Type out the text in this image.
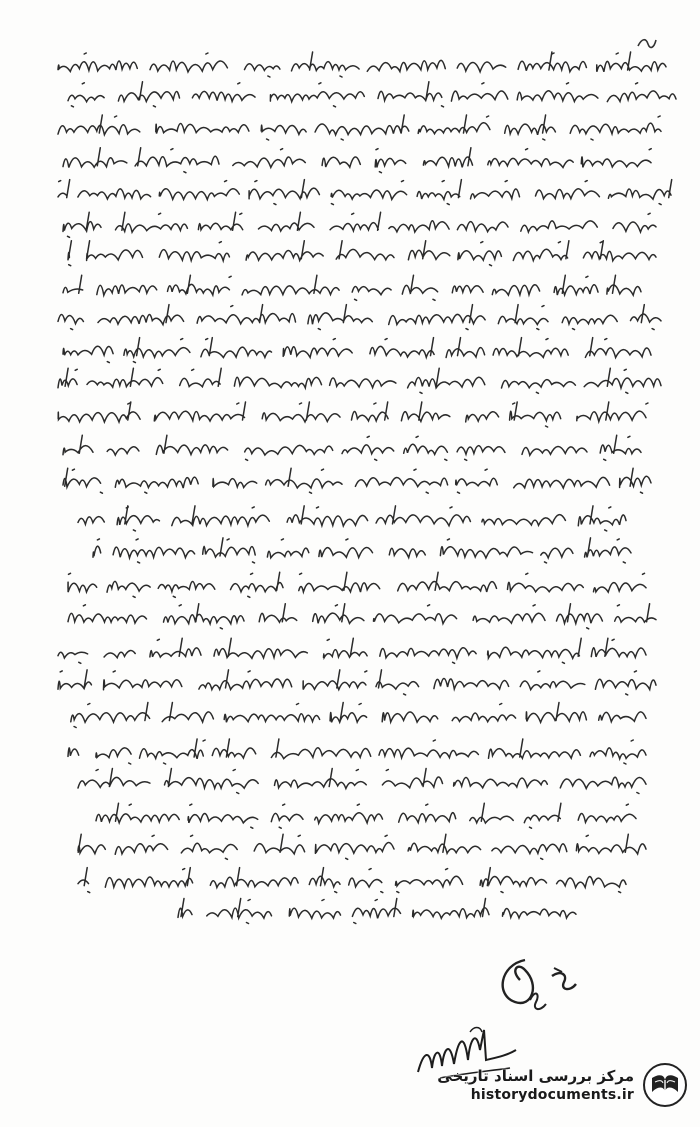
مرکز بررسی اسناد تاریخی
historydocuments.ir
